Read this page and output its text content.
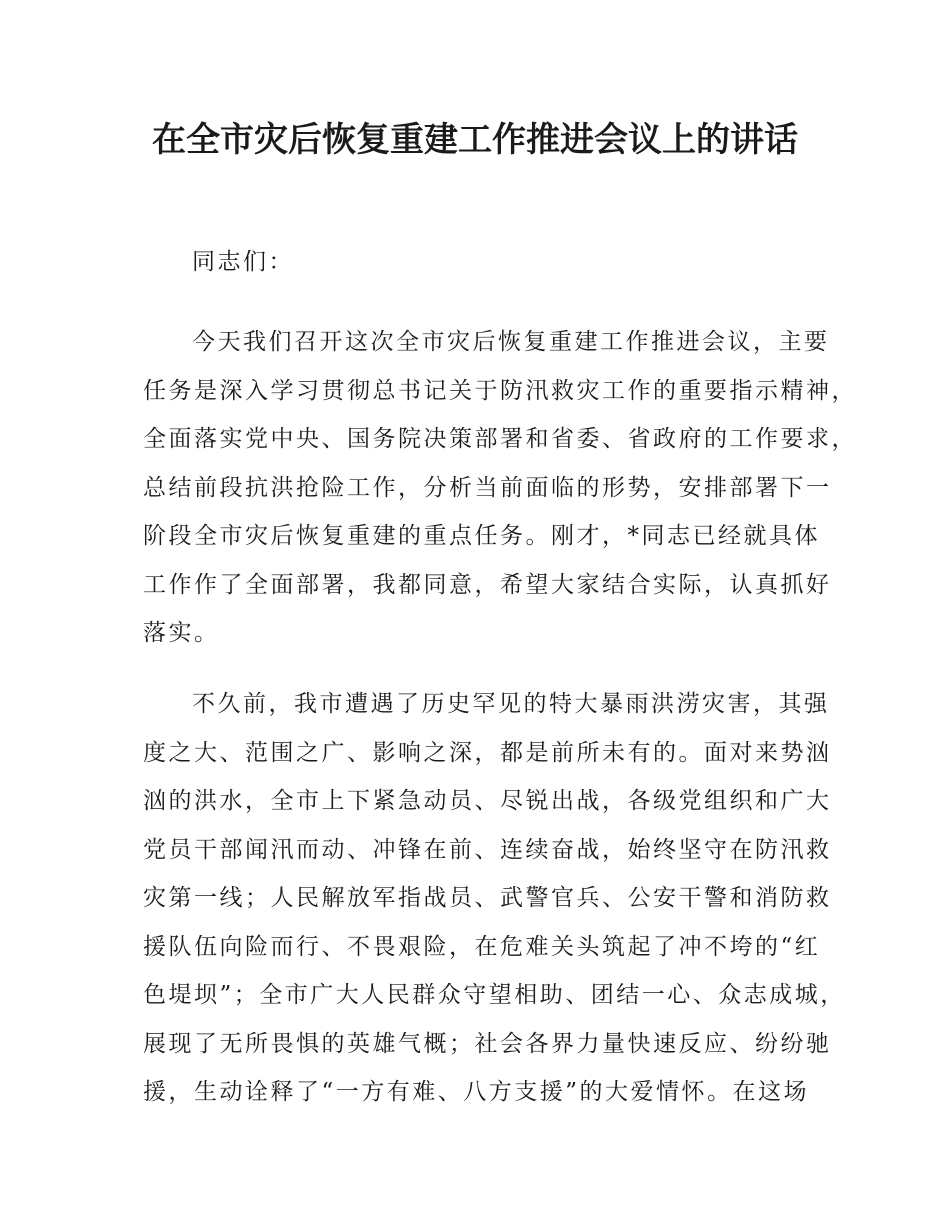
在全市灾后恢复重建工作推进会议上的讲话
同志们：
今天我们召开这次全市灾后恢复重建工作推进会议，主要
任务是深入学习贯彻总书记关于防汛救灾工作的重要指示精神，
全面落实党中央、国务院决策部署和省委、省政府的工作要求，
总结前段抗洪抢险工作，分析当前面临的形势，安排部署下一
阶段全市灾后恢复重建的重点任务。刚才，*同志已经就具体
工作作了全面部署，我都同意，希望大家结合实际，认真抓好
落实。
不久前，我市遭遇了历史罕见的特大暴雨洪涝灾害，其强
度之大、范围之广、影响之深，都是前所未有的。面对来势汹
汹的洪水，全市上下紧急动员、尽锐出战，各级党组织和广大
党员干部闻汛而动、冲锋在前、连续奋战，始终坚守在防汛救
灾第一线；人民解放军指战员、武警官兵、公安干警和消防救
援队伍向险而行、不畏艰险，在危难关头筑起了冲不垮的“红
色堤坝”；全市广大人民群众守望相助、团结一心、众志成城，
展现了无所畏惧的英雄气概；社会各界力量快速反应、纷纷驰
援，生动诠释了“一方有难、八方支援”的大爱情怀。在这场
